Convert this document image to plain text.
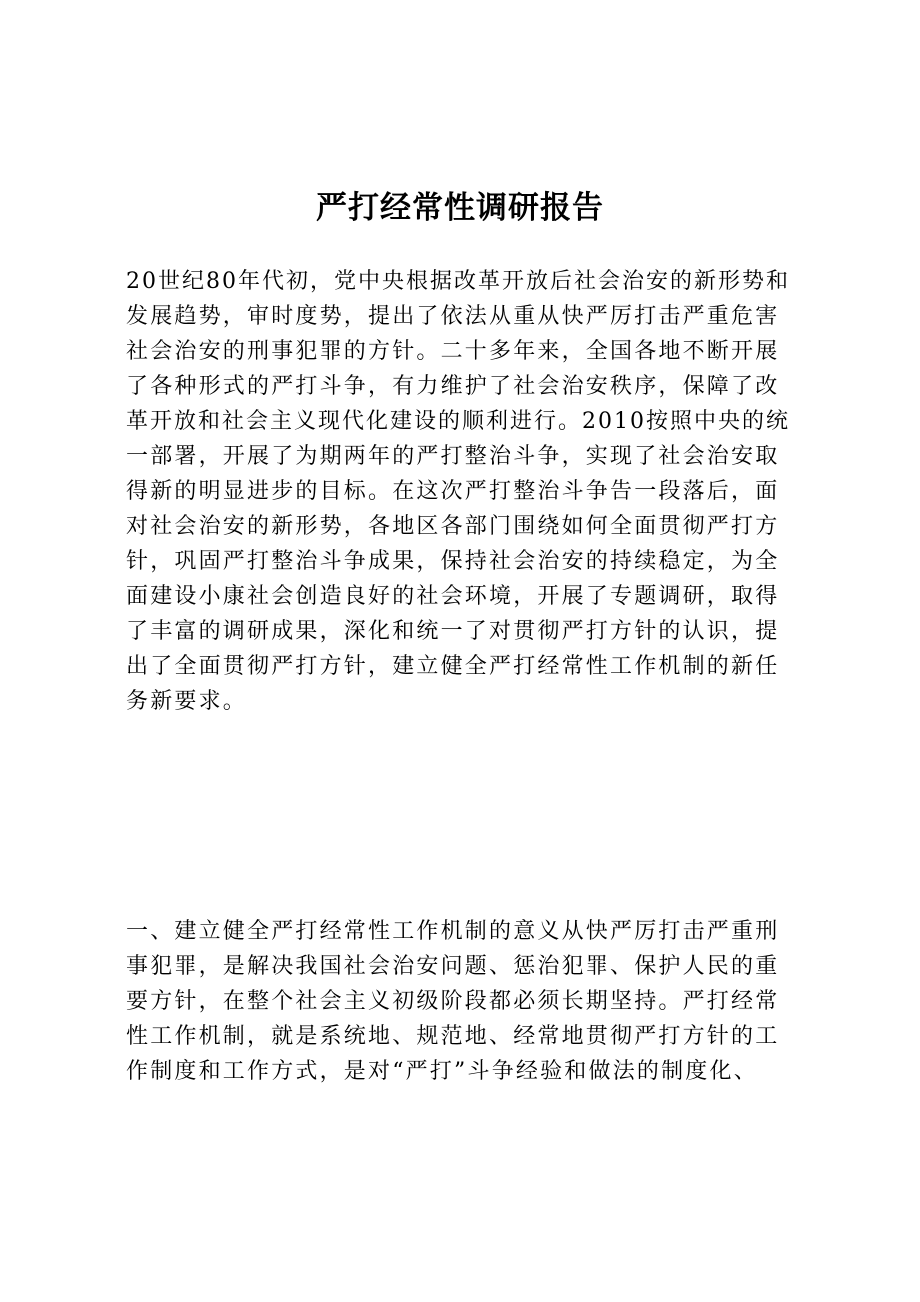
严打经常性调研报告

20世纪80年代初，党中央根据改革开放后社会治安的新形势和
发展趋势，审时度势，提出了依法从重从快严厉打击严重危害
社会治安的刑事犯罪的方针。二十多年来，全国各地不断开展
了各种形式的严打斗争，有力维护了社会治安秩序，保障了改
革开放和社会主义现代化建设的顺利进行。2010按照中央的统
一部署，开展了为期两年的严打整治斗争，实现了社会治安取
得新的明显进步的目标。在这次严打整治斗争告一段落后，面
对社会治安的新形势，各地区各部门围绕如何全面贯彻严打方
针，巩固严打整治斗争成果，保持社会治安的持续稳定，为全
面建设小康社会创造良好的社会环境，开展了专题调研，取得
了丰富的调研成果，深化和统一了对贯彻严打方针的认识，提
出了全面贯彻严打方针，建立健全严打经常性工作机制的新任
务新要求。

一、建立健全严打经常性工作机制的意义从快严厉打击严重刑
事犯罪，是解决我国社会治安问题、惩治犯罪、保护人民的重
要方针，在整个社会主义初级阶段都必须长期坚持。严打经常
性工作机制，就是系统地、规范地、经常地贯彻严打方针的工
作制度和工作方式，是对“严打”斗争经验和做法的制度化、
